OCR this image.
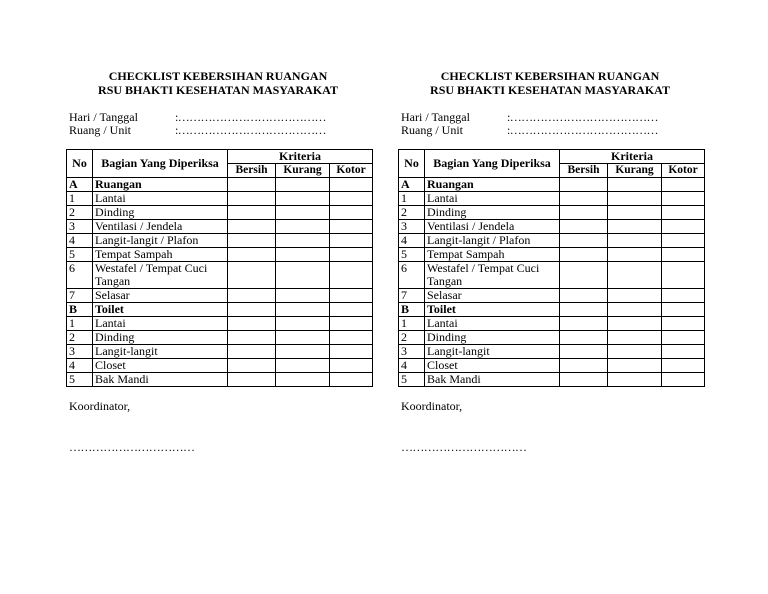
CHECKLIST KEBERSIHAN RUANGAN
RSU BHAKTI KESEHATAN MASYARAKAT
Hari / Tanggal	:…………………………………
Ruang / Unit	:…………………………………
No	Bagian Yang Diperiksa	Kriteria		
		Bersih	Kurang	Kotor
A	Ruangan			
1	Lantai			
2	Dinding			
3	Ventilasi / Jendela			
4	Langit-langit / Plafon			
5	Tempat Sampah			
6	Westafel / Tempat Cuci
Tangan			

7	Selasar			
B	Toilet			
1	Lantai			
2	Dinding			
3	Langit-langit			
4	Closet			
5	Bak Mandi			
Koordinator,
……………………………
CHECKLIST KEBERSIHAN RUANGAN
RSU BHAKTI KESEHATAN MASYARAKAT
Hari / Tanggal	:…………………………………
Ruang / Unit	:…………………………………
No	Bagian Yang Diperiksa	Kriteria		
		Bersih	Kurang	Kotor
A	Ruangan			
1	Lantai			
2	Dinding			
3	Ventilasi / Jendela			
4	Langit-langit / Plafon			
5	Tempat Sampah			
6	Westafel / Tempat Cuci
Tangan			

7	Selasar			
B	Toilet			
1	Lantai			
2	Dinding			
3	Langit-langit			
4	Closet			
5	Bak Mandi			
Koordinator,
……………………………
